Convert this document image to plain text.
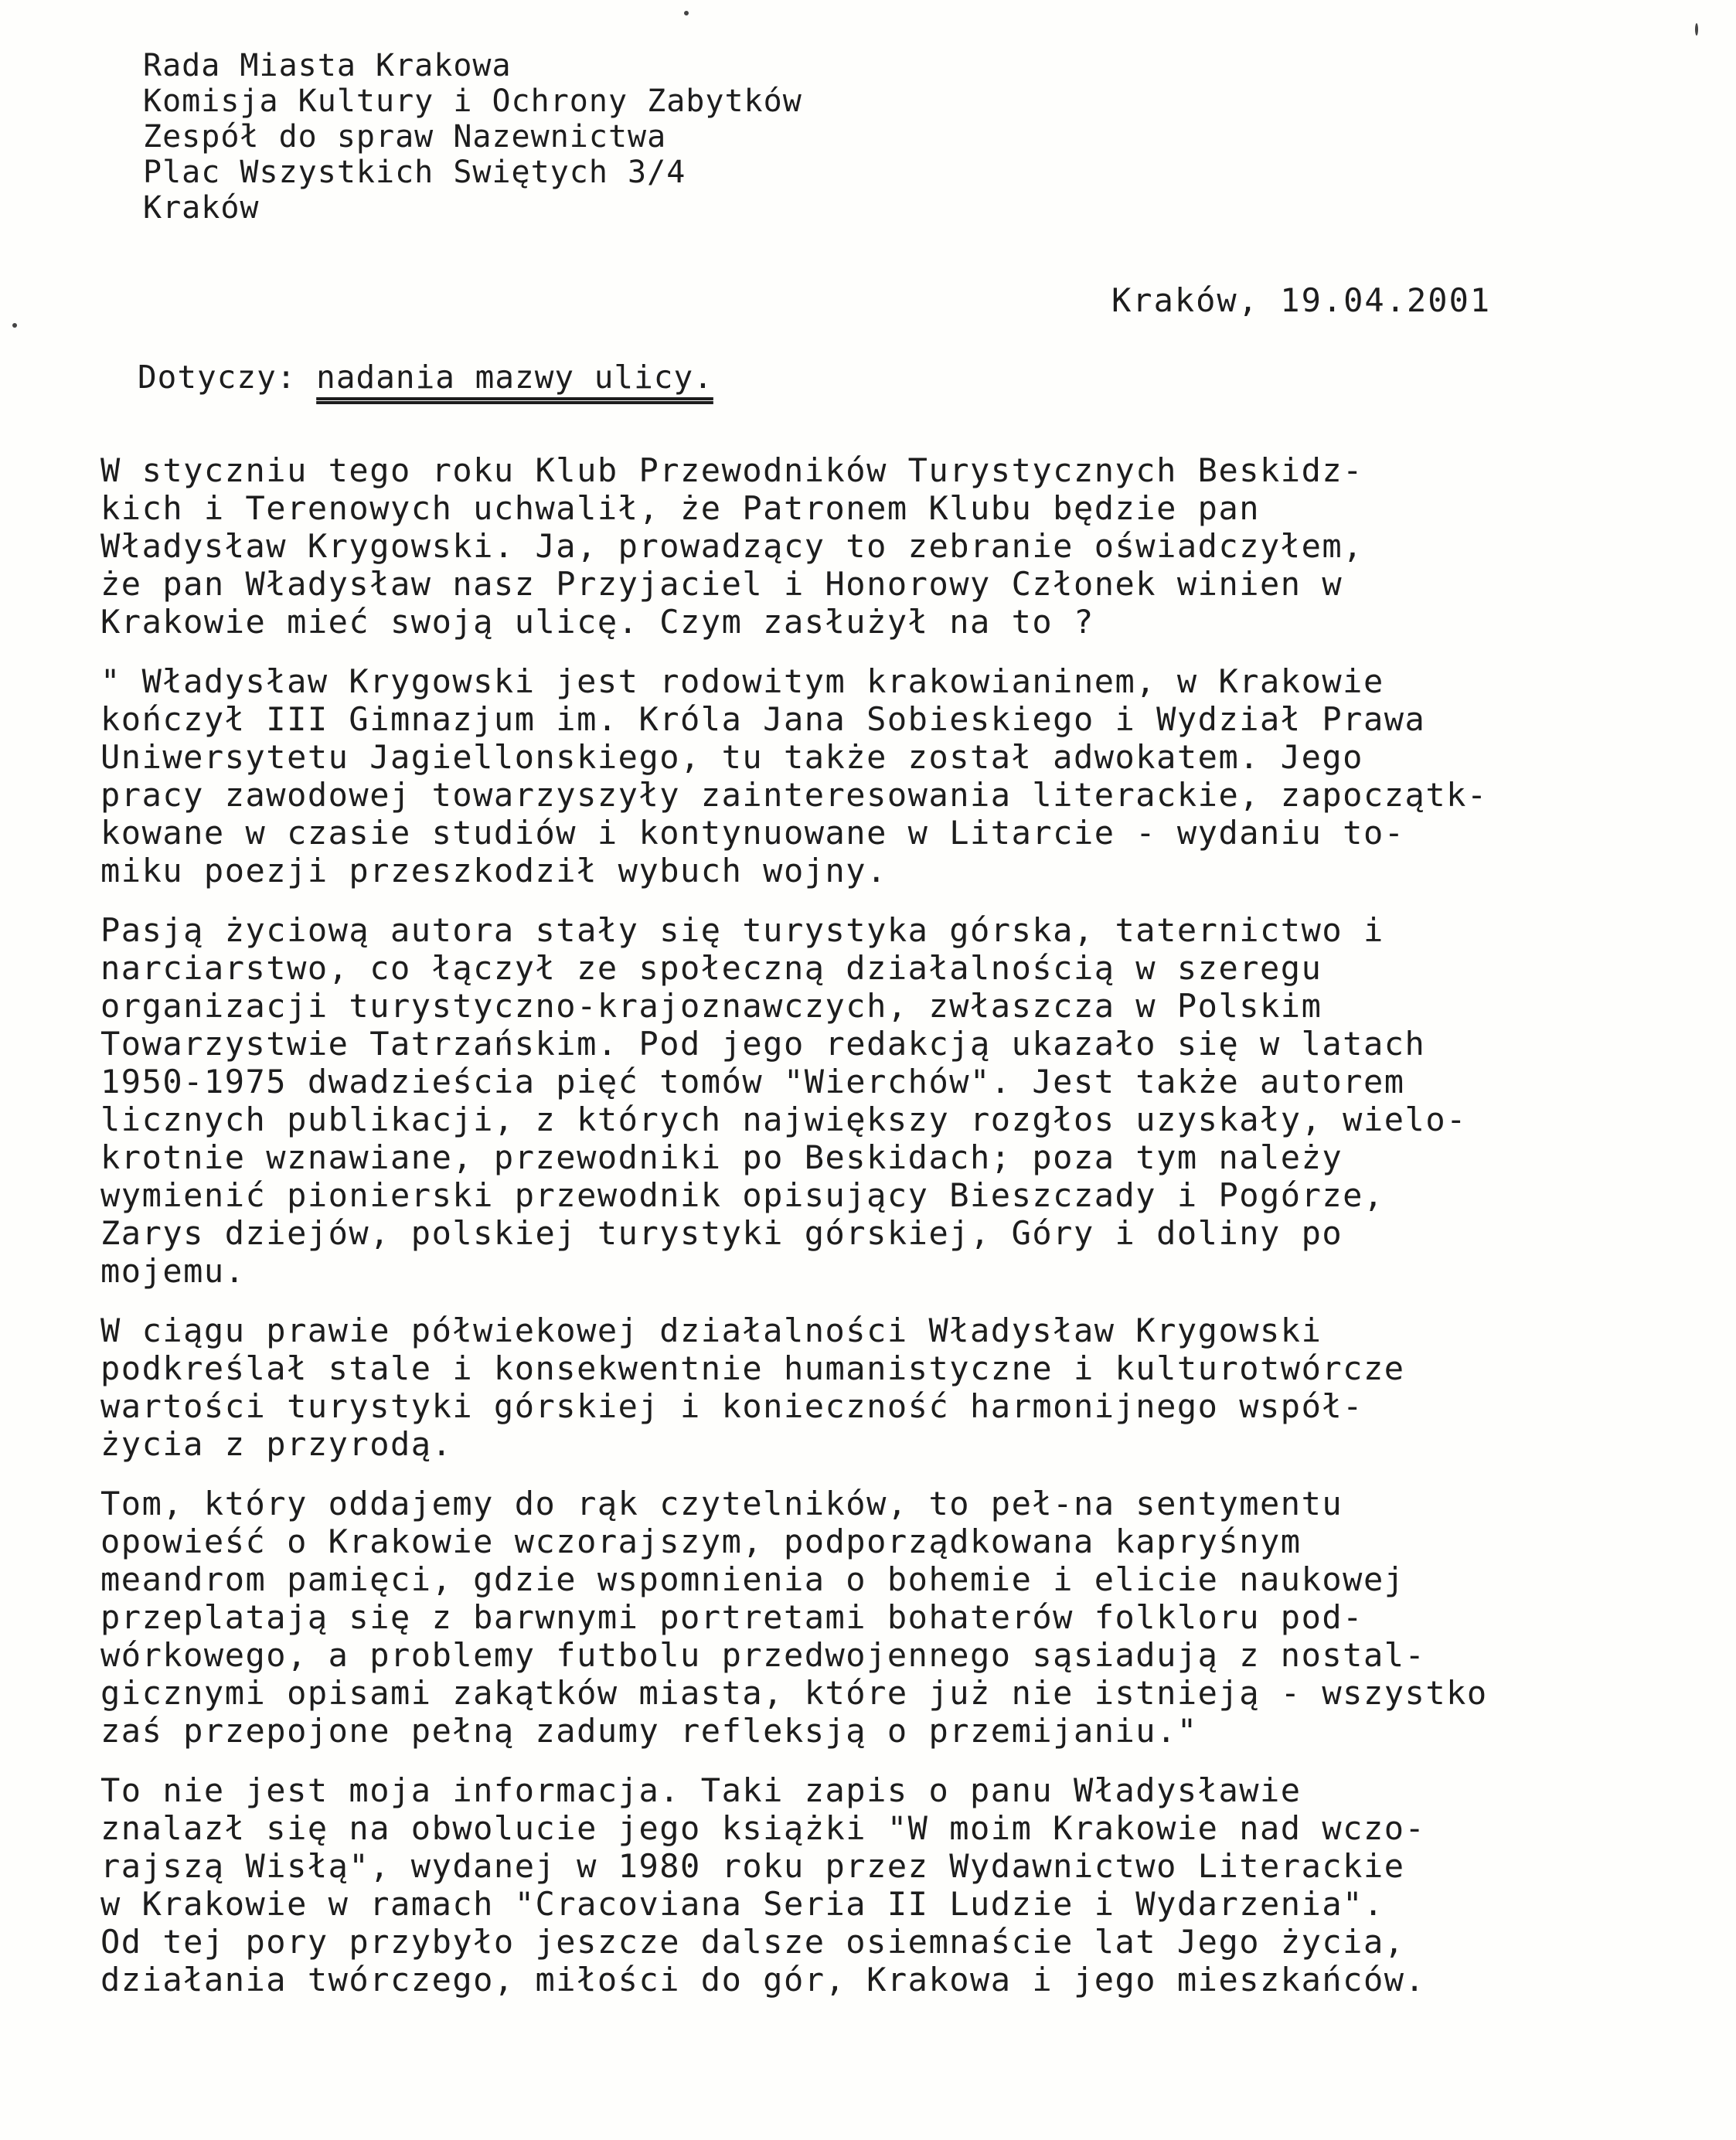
Rada Miasta Krakowa
Komisja Kultury i Ochrony Zabytków
Zespół do spraw Nazewnictwa
Plac Wszystkich Swiętych 3/4
Kraków
Kraków, 19.04.2001
Dotyczy: nadania mazwy ulicy.
W styczniu tego roku Klub Przewodników Turystycznych Beskidz-
kich i Terenowych uchwalił, że Patronem Klubu będzie pan
Władysław Krygowski. Ja, prowadzący to zebranie oświadczyłem,
że pan Władysław nasz Przyjaciel i Honorowy Członek winien w
Krakowie mieć swoją ulicę. Czym zasłużył na to ?
" Władysław Krygowski jest rodowitym krakowianinem, w Krakowie
kończył III Gimnazjum im. Króla Jana Sobieskiego i Wydział Prawa
Uniwersytetu Jagiellonskiego, tu także został adwokatem. Jego
pracy zawodowej towarzyszyły zainteresowania literackie, zapoczątk-
kowane w czasie studiów i kontynuowane w Litarcie - wydaniu to-
miku poezji przeszkodził wybuch wojny.
Pasją życiową autora stały się turystyka górska, taternictwo i
narciarstwo, co łączył ze społeczną działalnością w szeregu
organizacji turystyczno-krajoznawczych, zwłaszcza w Polskim
Towarzystwie Tatrzańskim. Pod jego redakcją ukazało się w latach
1950-1975 dwadzieścia pięć tomów "Wierchów". Jest także autorem
licznych publikacji, z których największy rozgłos uzyskały, wielo-
krotnie wznawiane, przewodniki po Beskidach; poza tym należy
wymienić pionierski przewodnik opisujący Bieszczady i Pogórze,
Zarys dziejów, polskiej turystyki górskiej, Góry i doliny po
mojemu.
W ciągu prawie półwiekowej działalności Władysław Krygowski
podkreślał stale i konsekwentnie humanistyczne i kulturotwórcze
wartości turystyki górskiej i konieczność harmonijnego współ-
życia z przyrodą.
Tom, który oddajemy do rąk czytelników, to peł-na sentymentu
opowieść o Krakowie wczorajszym, podporządkowana kapryśnym
meandrom pamięci, gdzie wspomnienia o bohemie i elicie naukowej
przeplatają się z barwnymi portretami bohaterów folkloru pod-
wórkowego, a problemy futbolu przedwojennego sąsiadują z nostal-
gicznymi opisami zakątków miasta, które już nie istnieją - wszystko
zaś przepojone pełną zadumy refleksją o przemijaniu."
To nie jest moja informacja. Taki zapis o panu Władysławie
znalazł się na obwolucie jego książki "W moim Krakowie nad wczo-
rajszą Wisłą", wydanej w 1980 roku przez Wydawnictwo Literackie
w Krakowie w ramach "Cracoviana Seria II Ludzie i Wydarzenia".
Od tej pory przybyło jeszcze dalsze osiemnaście lat Jego życia,
działania twórczego, miłości do gór, Krakowa i jego mieszkańców.
